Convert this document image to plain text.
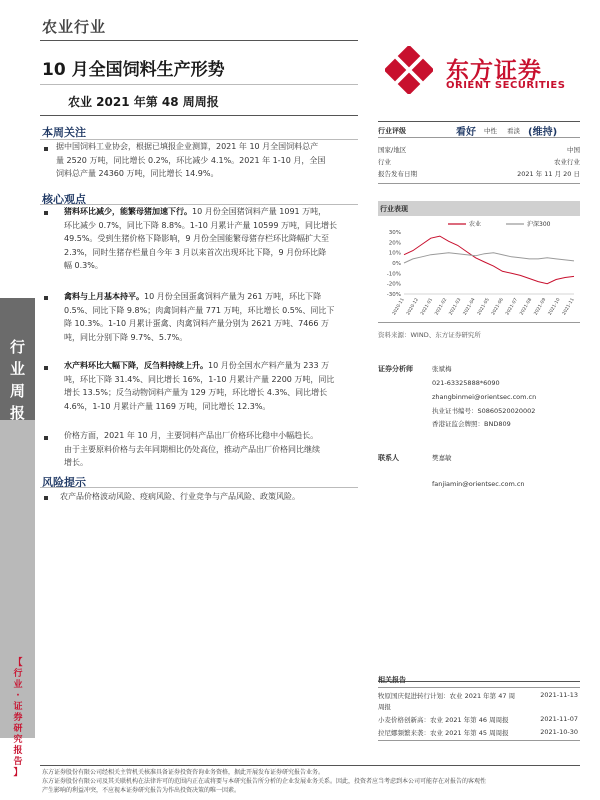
农业行业
10 月全国饲料生产形势
农业 2021 年第 48 周周报
东方证券
ORIENT SECURITIES
本周关注
据中国饲料工业协会，根据已填报企业测算，2021 年 10 月全国饲料总产
量 2520 万吨，同比增长 0.2%，环比减少 4.1%。2021 年 1-10 月，全国
饲料总产量 24360 万吨，同比增长 14.9%。
核心观点
猪料环比减少，能繁母猪加速下行。10 月份全国猪饲料产量 1091 万吨，
环比减少 0.7%，同比下降 8.8%。1-10 月累计产量 10599 万吨，同比增长
49.5%。受到生猪价格下降影响，9 月份全国能繁母猪存栏环比降幅扩大至
2.3%，同时生猪存栏量自今年 3 月以来首次出现环比下降，9 月份环比降
幅 0.3%。
禽料与上月基本持平。10 月份全国蛋禽饲料产量为 261 万吨，环比下降
0.5%、同比下降 9.8%；肉禽饲料产量 771 万吨，环比增长 0.5%、同比下
降 10.3%。1-10 月累计蛋禽、肉禽饲料产量分别为 2621 万吨、7466 万
吨，同比分别下降 9.7%、5.7%。
水产料环比大幅下降，反刍料持续上升。10 月份全国水产料产量为 233 万
吨，环比下降 31.4%、同比增长 16%，1-10 月累计产量 2200 万吨，同比
增长 13.5%；反刍动物饲料产量为 129 万吨，环比增长 4.3%、同比增长
4.6%，1-10 月累计产量 1169 万吨，同比增长 12.3%。
价格方面，2021 年 10 月，主要饲料产品出厂价格环比稳中小幅趋长。
由于主要原料价格与去年同期相比仍处高位，推动产品出厂价格同比继续
增长。
风险提示
农产品价格波动风险、疫病风险、行业竞争与产品风险、政策风险。
行业评级	看好 中性 看淡 (维持)
国家/地区	中国
行业	农业行业
报告发布日期	2021 年 11 月 20 日
行业表现
30%
20%
10%
0%
-10%
-20%
-30%
2020-11 2020-12 2021-01 2021-02 2021-03 2021-04 2021-05 2021-06 2021-07 2021-08 2021-09 2021-10 2021-11
农业	沪深300
资料来源：WIND、东方证券研究所
证券分析师	张斌梅
021-63325888*6090
zhangbinmei@orientsec.com.cn
执业证书编号：S0860520020002
香港证监会牌照：BND809
联系人	樊嘉敏
fanjiamin@orientsec.com.cn
相关报告
牧原国庆促进转行计划：农业 2021 年第 47 周	2021-11-13
周报
小麦价格创新高：农业 2021 年第 46 周周报	2021-11-07
拉尼娜频繁来袭：农业 2021 年第 45 周周报	2021-10-30
行
业
周
报
【
行
业
·
证
券
研
究
报
告
】	东方证券股份有限公司经相关主管机关核准具备证券投资咨询业务资格，据此开展发布证券研究报告业务。
东方证券股份有限公司及其关联机构在法律许可的范围内正在或将要与本研究报告所分析的企业发展业务关系。因此，投资者应当考虑到本公司可能存在对报告的客观性
产生影响的利益冲突，不应视本证券研究报告为作出投资决策的唯一因素。
